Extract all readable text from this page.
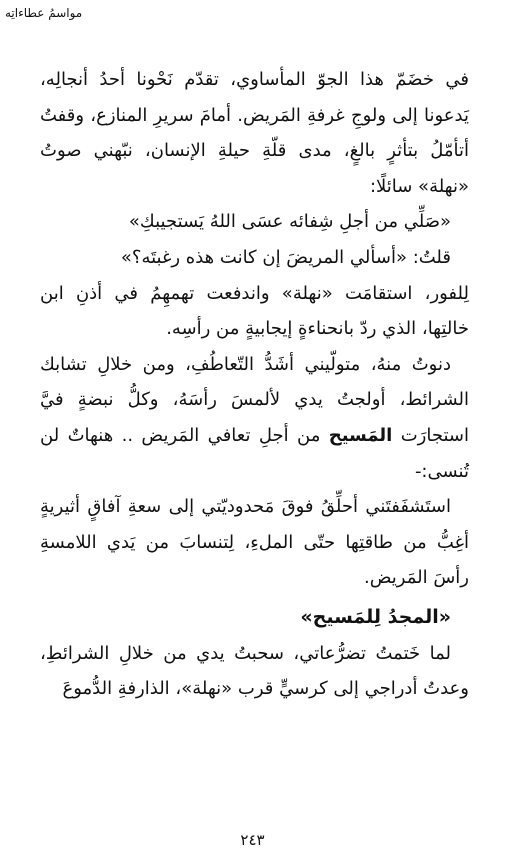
مواسمُ عطاءاتِه

في خضَمّ هذا الجوّ المأساوي، تقدّم نَحْونا أحدُ أنجالِه، يَدعونا إلى ولوجِ غرفةِ المَريض. أمامَ سريرِ المنازع، وقفتُ أتأمّلُ بتأثرٍ بالغٍ، مدى قلّةِ حيلةِ الإنسان، نبّهني صوتُ «نهلة» سائلًا:

«صَلِّي من أجلِ شِفائه عسَى اللهُ يَستجيبكِ»

قلتُ: «أسألي المريضَ إن كانت هذه رغبتَه؟»

لِلفور، استقامَت «نهلة» واندفعت تهمهِمُ في أذنِ ابن خالتِها، الذي ردّ بانحناءةٍ إيجابيةٍ من رأسِه.

دنوتُ منهُ، متولّيني أشَدُّ التّعاطُفِ، ومن خلالِ تشابك الشرائط، أولجتُ يدي لألمسَ رأسَهُ، وكلُّ نبضةٍ فيَّ استجارَت المَسيح من أجلِ تعافي المَريض .. هنهاتٌ لن تُنسى:-

استَشفَفتَني أحلِّقُ فوقَ مَحدوديّتي إلى سعةِ آفاقٍ أثيريةٍ أغِبُّ من طاقتِها حتّى الملءِ، لِتنسابَ من يَدي اللامسةِ رأسَ المَريض.

«المجدُ لِلمَسيح»

لما خَتمتُ تضرُّعاتي، سحبتُ يدي من خلالِ الشرائطِ، وعدتُ أدراجي إلى كرسيٍّ قرب «نهلة»، الذارفةِ الدُّموعَ

٢٤٣
